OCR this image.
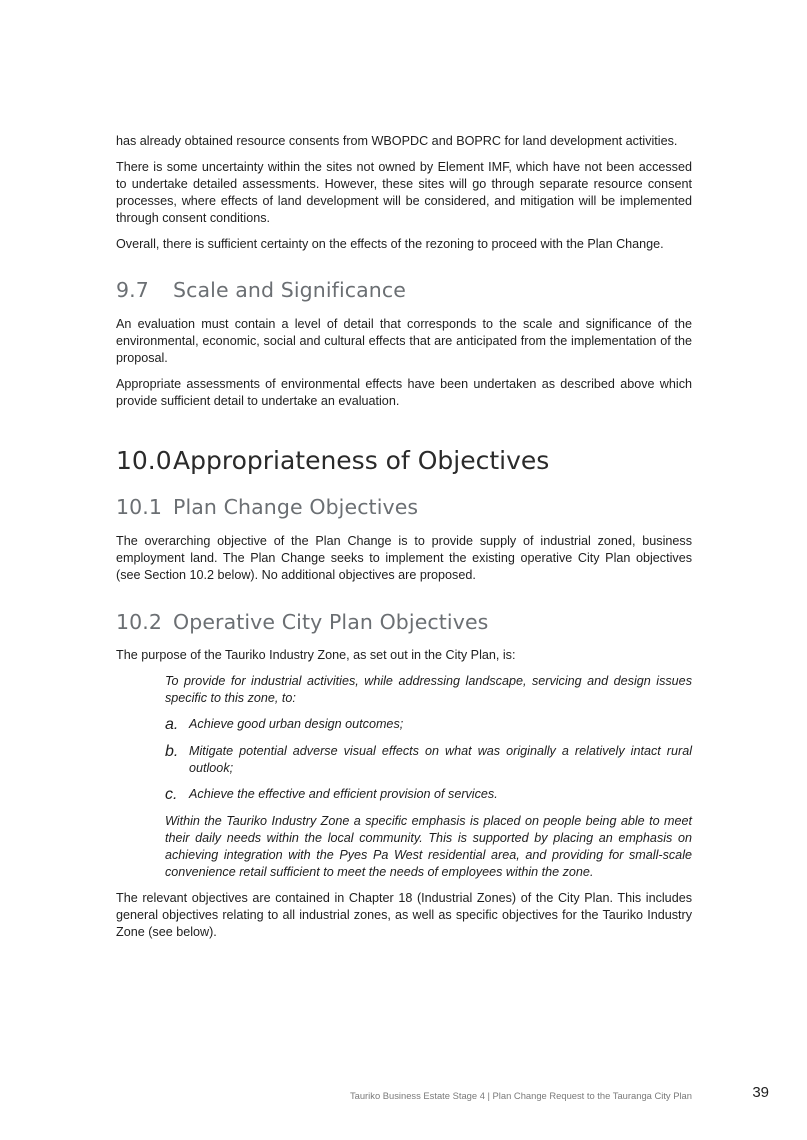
has already obtained resource consents from WBOPDC and BOPRC for land development activities.

There is some uncertainty within the sites not owned by Element IMF, which have not been accessed to undertake detailed assessments. However, these sites will go through separate resource consent processes, where effects of land development will be considered, and mitigation will be implemented through consent conditions.

Overall, there is sufficient certainty on the effects of the rezoning to proceed with the Plan Change.

9.7 Scale and Significance

An evaluation must contain a level of detail that corresponds to the scale and significance of the environmental, economic, social and cultural effects that are anticipated from the implementation of the proposal.

Appropriate assessments of environmental effects have been undertaken as described above which provide sufficient detail to undertake an evaluation.

10.0Appropriateness of Objectives
10.1 Plan Change Objectives

The overarching objective of the Plan Change is to provide supply of industrial zoned, business employment land. The Plan Change seeks to implement the existing operative City Plan objectives (see Section 10.2 below). No additional objectives are proposed.

10.2 Operative City Plan Objectives

The purpose of the Tauriko Industry Zone, as set out in the City Plan, is:

To provide for industrial activities, while addressing landscape, servicing and design issues specific to this zone, to:

a. Achieve good urban design outcomes;

b. Mitigate potential adverse visual effects on what was originally a relatively intact rural outlook;

c. Achieve the effective and efficient provision of services.

Within the Tauriko Industry Zone a specific emphasis is placed on people being able to meet their daily needs within the local community. This is supported by placing an emphasis on achieving integration with the Pyes Pa West residential area, and providing for small-scale convenience retail sufficient to meet the needs of employees within the zone.

The relevant objectives are contained in Chapter 18 (Industrial Zones) of the City Plan. This includes general objectives relating to all industrial zones, as well as specific objectives for the Tauriko Industry Zone (see below).

Tauriko Business Estate Stage 4 | Plan Change Request to the Tauranga City Plan	39
